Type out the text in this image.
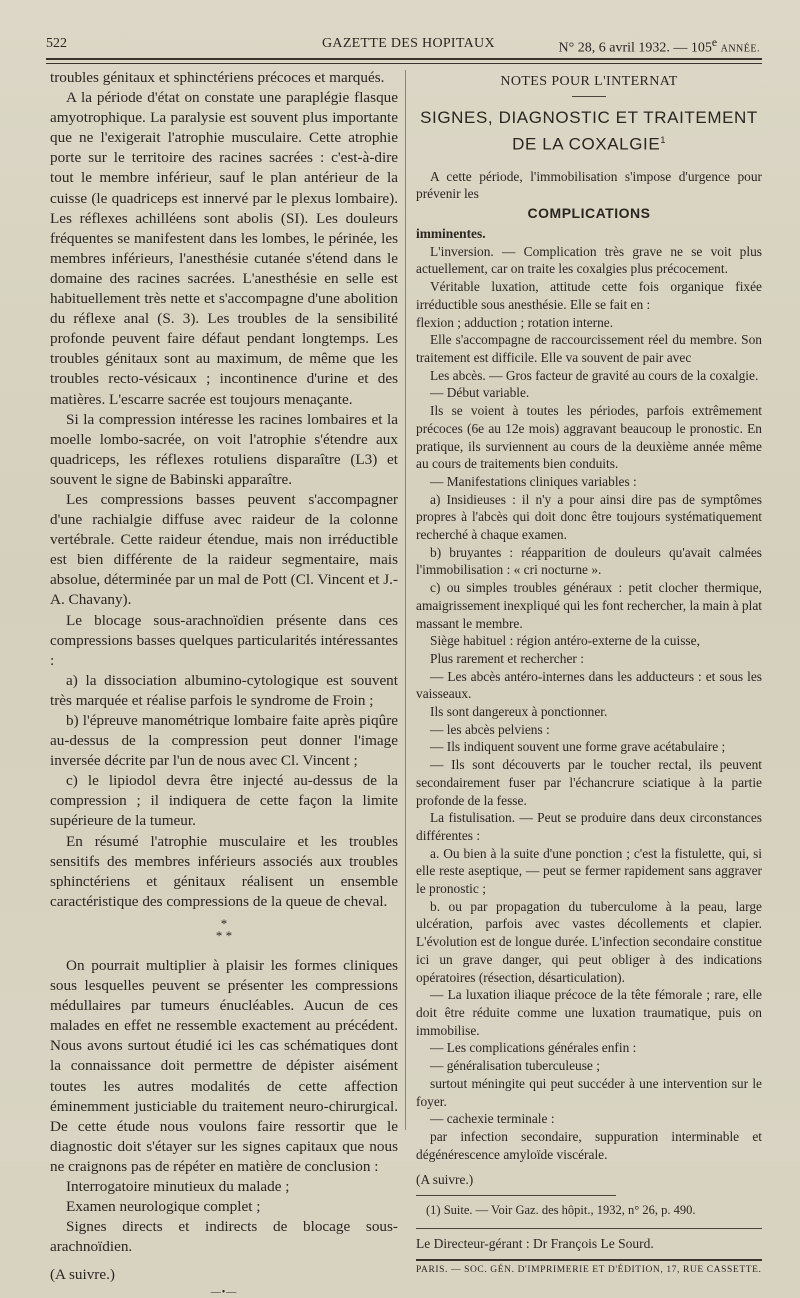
522	GAZETTE DES HOPITAUX	N° 28, 6 avril 1932. — 105e ANNÉE.

troubles génitaux et sphinctériens précoces et marqués.

A la période d'état on constate une paraplégie flasque amyotrophique. La paralysie est souvent plus importante que ne l'exigerait l'atrophie musculaire. Cette atrophie porte sur le territoire des racines sacrées : c'est-à-dire tout le membre inférieur, sauf le plan antérieur de la cuisse (le quadriceps est innervé par le plexus lombaire). Les réflexes achilléens sont abolis (SI). Les douleurs fréquentes se manifestent dans les lombes, le périnée, les membres inférieurs, l'anesthésie cutanée s'étend dans le domaine des racines sacrées. L'anesthésie en selle est habituellement très nette et s'accompagne d'une abolition du réflexe anal (S. 3). Les troubles de la sensibilité profonde peuvent faire défaut pendant longtemps. Les troubles génitaux sont au maximum, de même que les troubles recto-vésicaux ; incontinence d'urine et des matières. L'escarre sacrée est toujours menaçante.

Si la compression intéresse les racines lombaires et la moelle lombo-sacrée, on voit l'atrophie s'étendre aux quadriceps, les réflexes rotuliens disparaître (L3) et souvent le signe de Babinski apparaître.

Les compressions basses peuvent s'accompagner d'une rachialgie diffuse avec raideur de la colonne vertébrale. Cette raideur étendue, mais non irréductible est bien différente de la raideur segmentaire, mais absolue, déterminée par un mal de Pott (Cl. Vincent et J.-A. Chavany).

Le blocage sous-arachnoïdien présente dans ces compressions basses quelques particularités intéressantes :

a) la dissociation albumino-cytologique est souvent très marquée et réalise parfois le syndrome de Froin ;

b) l'épreuve manométrique lombaire faite après piqûre au-dessus de la compression peut donner l'image inversée décrite par l'un de nous avec Cl. Vincent ;

c) le lipiodol devra être injecté au-dessus de la compression ; il indiquera de cette façon la limite supérieure de la tumeur.

En résumé l'atrophie musculaire et les troubles sensitifs des membres inférieurs associés aux troubles sphinctériens et génitaux réalisent un ensemble caractéristique des compressions de la queue de cheval.

*
* *

On pourrait multiplier à plaisir les formes cliniques sous lesquelles peuvent se présenter les compressions médullaires par tumeurs énucléables. Aucun de ces malades en effet ne ressemble exactement au précédent. Nous avons surtout étudié ici les cas schématiques dont la connaissance doit permettre de dépister aisément toutes les autres modalités de cette affection éminemment justiciable du traitement neuro-chirurgical. De cette étude nous voulons faire ressortir que le diagnostic doit s'étayer sur les signes capitaux que nous ne craignons pas de répéter en matière de conclusion :

Interrogatoire minutieux du malade ;

Examen neurologique complet ;

Signes directs et indirects de blocage sous-arachnoïdien.

(A suivre.)

—•—
NOTES POUR L'INTERNAT
SIGNES, DIAGNOSTIC ET TRAITEMENT
DE LA COXALGIE$^1$

A cette période, l'immobilisation s'impose d'urgence pour prévenir les

COMPLICATIONS

imminentes.

L'inversion. — Complication très grave ne se voit plus actuellement, car on traite les coxalgies plus précocement.

Véritable luxation, attitude cette fois organique fixée irréductible sous anesthésie. Elle se fait en :

flexion ; adduction ; rotation interne.

Elle s'accompagne de raccourcissement réel du membre. Son traitement est difficile. Elle va souvent de pair avec

Les abcès. — Gros facteur de gravité au cours de la coxalgie.

— Début variable.

Ils se voient à toutes les périodes, parfois extrêmement précoces (6e au 12e mois) aggravant beaucoup le pronostic. En pratique, ils surviennent au cours de la deuxième année même au cours de traitements bien conduits.

— Manifestations cliniques variables :

a) Insidieuses : il n'y a pour ainsi dire pas de symptômes propres à l'abcès qui doit donc être toujours systématiquement recherché à chaque examen.

b) bruyantes : réapparition de douleurs qu'avait calmées l'immobilisation : « cri nocturne ».

c) ou simples troubles généraux : petit clocher thermique, amaigrissement inexpliqué qui les font rechercher, la main à plat massant le membre.

Siège habituel : région antéro-externe de la cuisse,

Plus rarement et rechercher :

— Les abcès antéro-internes dans les adducteurs : et sous les vaisseaux.

Ils sont dangereux à ponctionner.

— les abcès pelviens :

— Ils indiquent souvent une forme grave acétabulaire ;

— Ils sont découverts par le toucher rectal, ils peuvent secondairement fuser par l'échancrure sciatique à la partie profonde de la fesse.

La fistulisation. — Peut se produire dans deux circonstances différentes :

a. Ou bien à la suite d'une ponction ; c'est la fistulette, qui, si elle reste aseptique, — peut se fermer rapidement sans aggraver le pronostic ;

b. ou par propagation du tuberculome à la peau, large ulcération, parfois avec vastes décollements et clapier. L'évolution est de longue durée. L'infection secondaire constitue ici un grave danger, qui peut obliger à des indications opératoires (résection, désarticulation).

— La luxation iliaque précoce de la tête fémorale ; rare, elle doit être réduite comme une luxation traumatique, puis on immobilise.

— Les complications générales enfin :

— généralisation tuberculeuse ;

surtout méningite qui peut succéder à une intervention sur le foyer.

— cachexie terminale :

par infection secondaire, suppuration interminable et dégénérescence amyloïde viscérale.

(A suivre.)

(1) Suite. — Voir Gaz. des hôpit., 1932, n° 26, p. 490.

Le Directeur-gérant : Dr François Le Sourd.

PARIS. — SOC. GÉN. D'IMPRIMERIE ET D'ÉDITION, 17, RUE CASSETTE.
